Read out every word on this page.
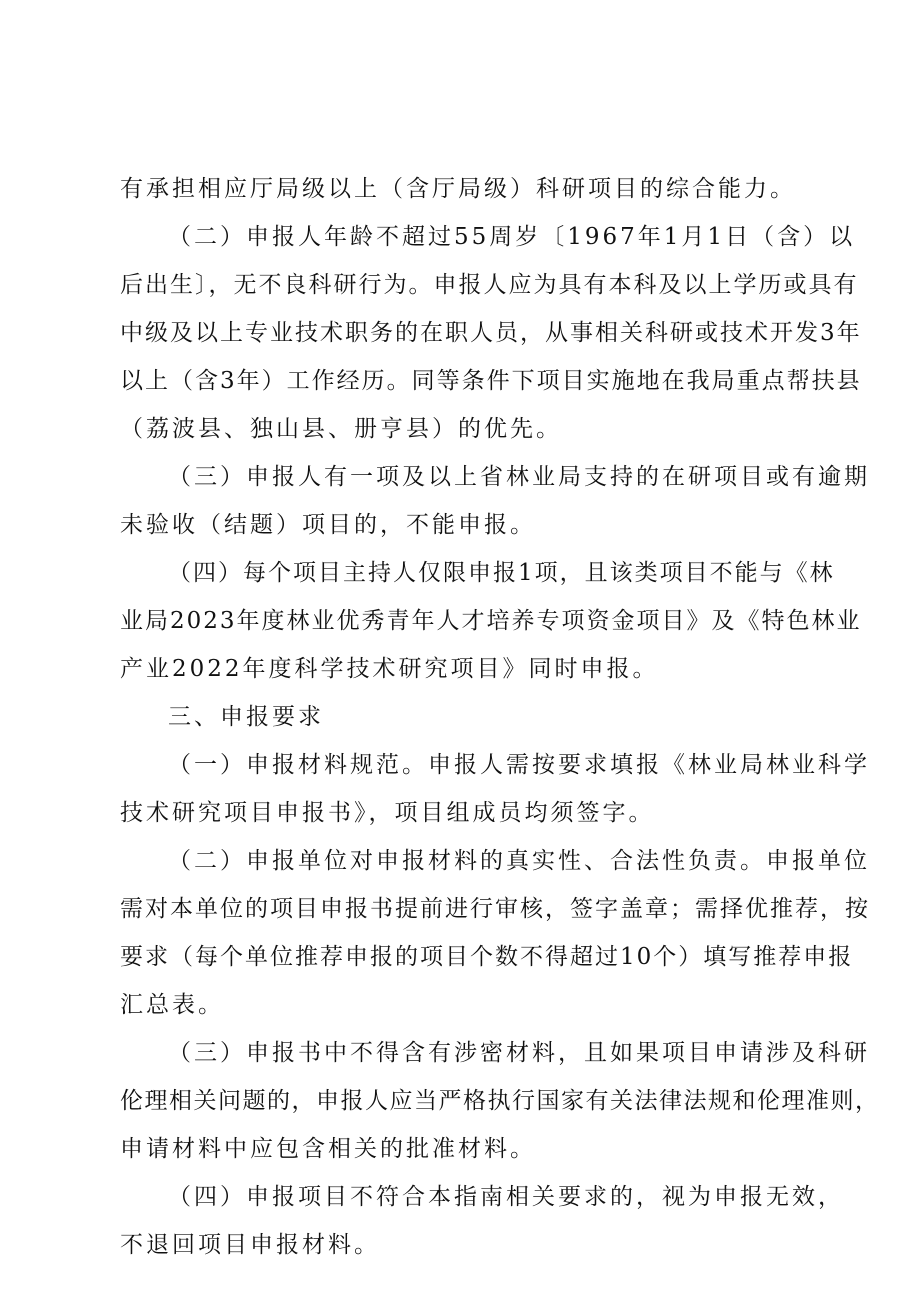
有承担相应厅局级以上（含厅局级）科研项目的综合能力。
（二）申报人年龄不超过55周岁〔1967年1月1日（含）以
后出生〕，无不良科研行为。申报人应为具有本科及以上学历或具有
中级及以上专业技术职务的在职人员，从事相关科研或技术开发3年
以上（含3年）工作经历。同等条件下项目实施地在我局重点帮扶县
（荔波县、独山县、册亨县）的优先。
（三）申报人有一项及以上省林业局支持的在研项目或有逾期
未验收（结题）项目的，不能申报。
（四）每个项目主持人仅限申报1项，且该类项目不能与《林
业局2023年度林业优秀青年人才培养专项资金项目》及《特色林业
产业2022年度科学技术研究项目》同时申报。
三、申报要求
（一）申报材料规范。申报人需按要求填报《林业局林业科学
技术研究项目申报书》，项目组成员均须签字。
（二）申报单位对申报材料的真实性、合法性负责。申报单位
需对本单位的项目申报书提前进行审核，签字盖章；需择优推荐，按
要求（每个单位推荐申报的项目个数不得超过10个）填写推荐申报
汇总表。
（三）申报书中不得含有涉密材料，且如果项目申请涉及科研
伦理相关问题的，申报人应当严格执行国家有关法律法规和伦理准则，
申请材料中应包含相关的批准材料。
（四）申报项目不符合本指南相关要求的，视为申报无效，
不退回项目申报材料。
